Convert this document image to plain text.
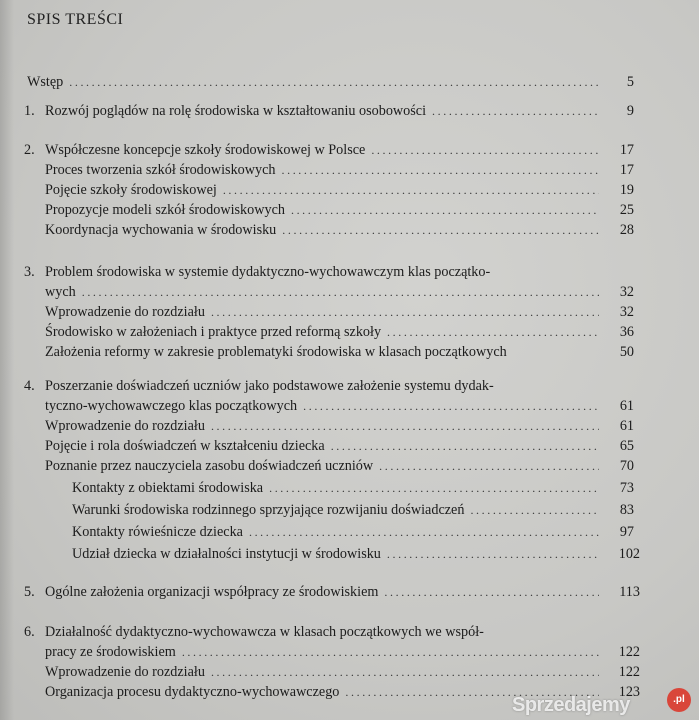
SPIS TREŚCI
Wstęp .....	5
1. Rozwój poglądów na rolę środowiska w kształtowaniu osobowości .....	9
2. Współczesne koncepcje szkoły środowiskowej w Polsce .....	17
Proces tworzenia szkół środowiskowych .....	17
Pojęcie szkoły środowiskowej .....	19
Propozycje modeli szkół środowiskowych .....	25
Koordynacja wychowania w środowisku .....	28
3. Problem środowiska w systemie dydaktyczno-wychowawczym klas początko-
wych .....	32
Wprowadzenie do rozdziału .....	32
Środowisko w założeniach i praktyce przed reformą szkoły .....	36
Założenia reformy w zakresie problematyki środowiska w klasach początkowych	50
4. Poszerzanie doświadczeń uczniów jako podstawowe założenie systemu dydak-
tyczno-wychowawczego klas początkowych .....	61
Wprowadzenie do rozdziału .....	61
Pojęcie i rola doświadczeń w kształceniu dziecka .....	65
Poznanie przez nauczyciela zasobu doświadczeń uczniów .....	70
Kontakty z obiektami środowiska .....	73
Warunki środowiska rodzinnego sprzyjające rozwijaniu doświadczeń .....	83
Kontakty rówieśnicze dziecka .....	97
Udział dziecka w działalności instytucji w środowisku .....	102
5. Ogólne założenia organizacji współpracy ze środowiskiem .....	113
6. Działalność dydaktyczno-wychowawcza w klasach początkowych we współ-
pracy ze środowiskiem .....	122
Wprowadzenie do rozdziału .....	122
Organizacja procesu dydaktyczno-wychowawczego .....	123
Sprzedajemy	.pl
